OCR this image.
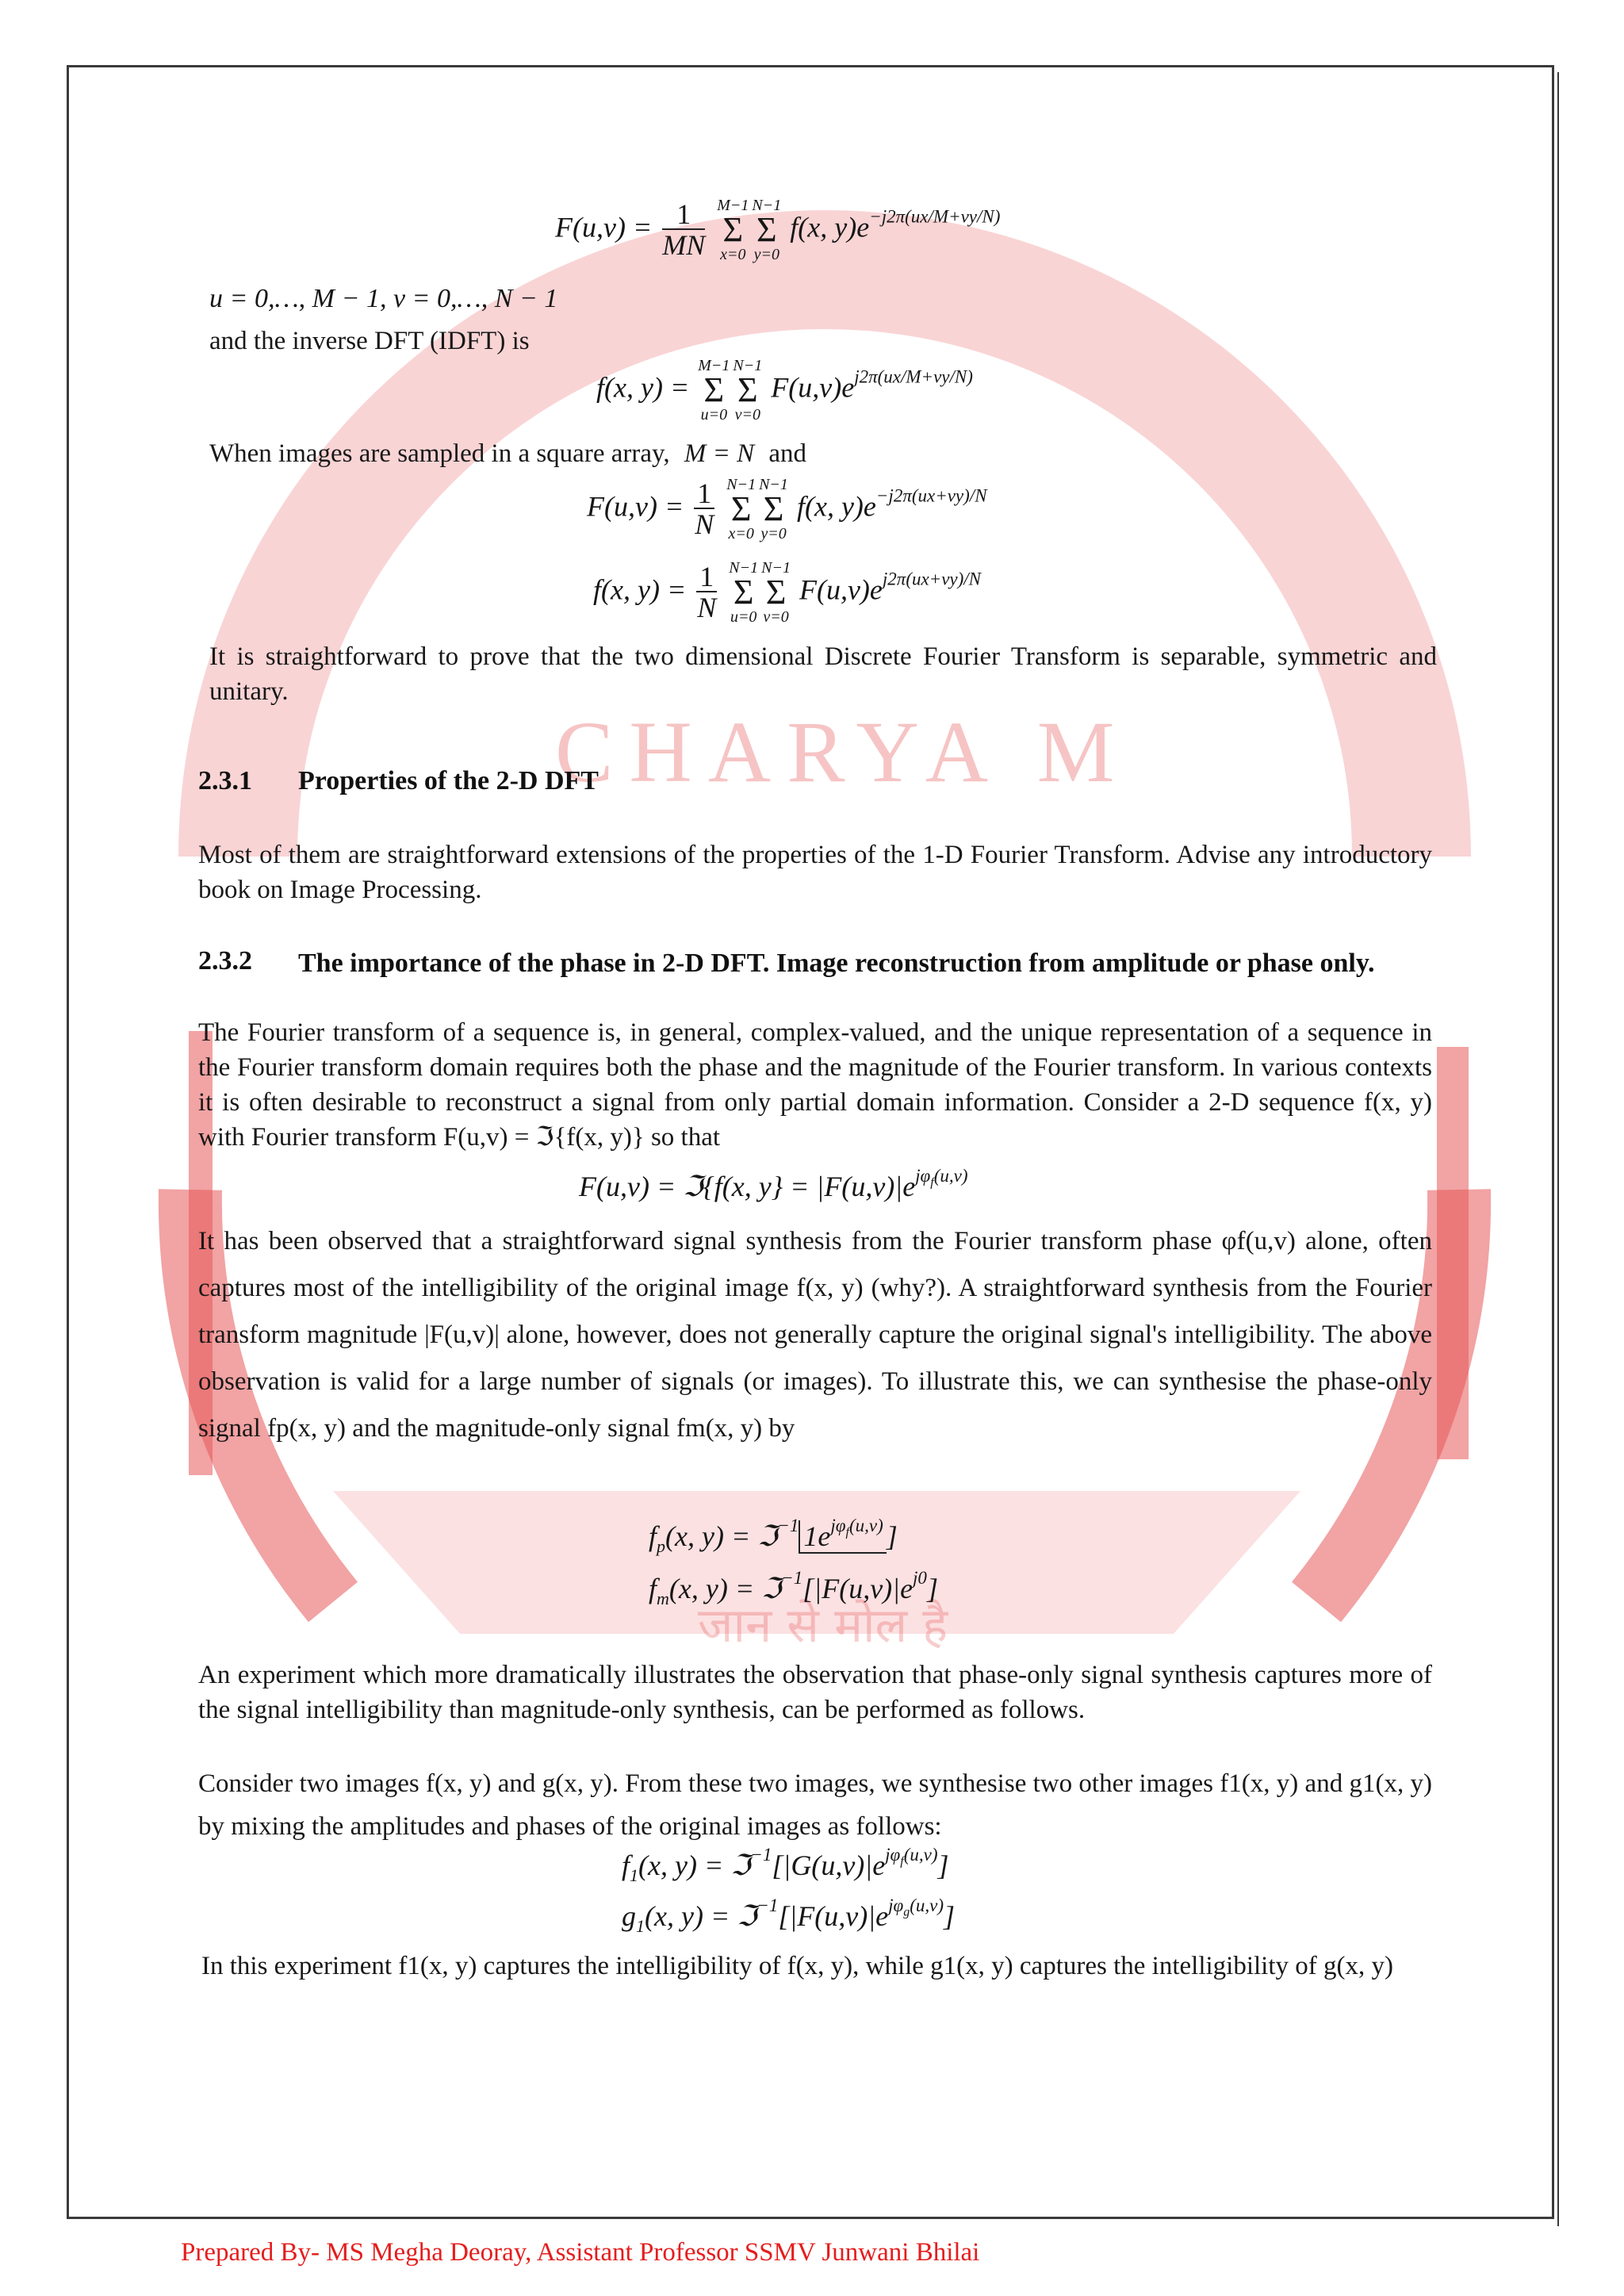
CHARYA M
जान से मोल है
$F(u,v) = \frac{1}{MN}$
M−1
Σ
x=0
N−1
Σ
y=0
f(x, $y)e^{-j2\pi(ux/M+vy/N)}$
u = 0,…, M − 1, v = 0,…, N − 1

and the inverse DFT (IDFT) is

f(x, y) =
M−1
Σ
u=0
N−1
Σ
v=0
$F(u,v)e^{j2\pi(ux/M+vy/N)}$
When images are sampled in a square array, M = N and
$F(u,v) = \frac{1}{N}$
N−1
Σ
x=0
N−1
Σ
y=0
f(x, $y)e^{-j2\pi(ux+vy)/N}$
f(x, $y) = \frac{1}{N}$
N−1
Σ
u=0
N−1
Σ
v=0
$F(u,v)e^{j2\pi(ux+vy)/N}$

It is straightforward to prove that the two dimensional Discrete Fourier Transform is separable, symmetric and unitary.

2.3.1 Properties of the 2-D DFT

Most of them are straightforward extensions of the properties of the 1-D Fourier Transform. Advise any introductory book on Image Processing.

2.3.2	The importance of the phase in 2-D DFT. Image reconstruction from amplitude or phase only.

The Fourier transform of a sequence is, in general, complex-valued, and the unique representation of a sequence in the Fourier transform domain requires both the phase and the magnitude of the Fourier transform. In various contexts it is often desirable to reconstruct a signal from only partial domain information. Consider a 2-D sequence f(x, y) with Fourier transform F(u,v) = ℑ{f(x, y)} so that

F(u,v) = ℑ{f(x, $y\} = |F(u,v)|e^{j\varphi_f(u,v)}$

It has been observed that a straightforward signal synthesis from the Fourier transform phase φf(u,v) alone, often captures most of the intelligibility of the original image f(x, y) (why?). A straightforward synthesis from the Fourier transform magnitude |F(u,v)| alone, however, does not generally capture the original signal's intelligibility. The above observation is valid for a large number of signals (or images). To illustrate this, we can synthesise the phase-only signal fp(x, y) and the magnitude-only signal fm(x, y) by

$f_p(x$, y) = ℑ$^{-1}$ $1e^{j\varphi_f(u,v)}$ ]
$f_m(x$, $y) = ℑ^{-1}[|F(u,v)|e^{j0}]$

An experiment which more dramatically illustrates the observation that phase-only signal synthesis captures more of the signal intelligibility than magnitude-only synthesis, can be performed as follows.

Consider two images f(x, y) and g(x, y). From these two images, we synthesise two other images f1(x, y) and g1(x, y) by mixing the amplitudes and phases of the original images as follows:

$f_1(x$, $y) = ℑ^{-1}[|G(u,v)|e^{j\varphi_f(u,v)}]$
$g_1(x$, $y) = ℑ^{-1}[|F(u,v)|e^{j\varphi_g(u,v)}]$

In this experiment f1(x, y) captures the intelligibility of f(x, y), while g1(x, y) captures the intelligibility of g(x, y)

Prepared By- MS Megha Deoray, Assistant Professor SSMV Junwani Bhilai
